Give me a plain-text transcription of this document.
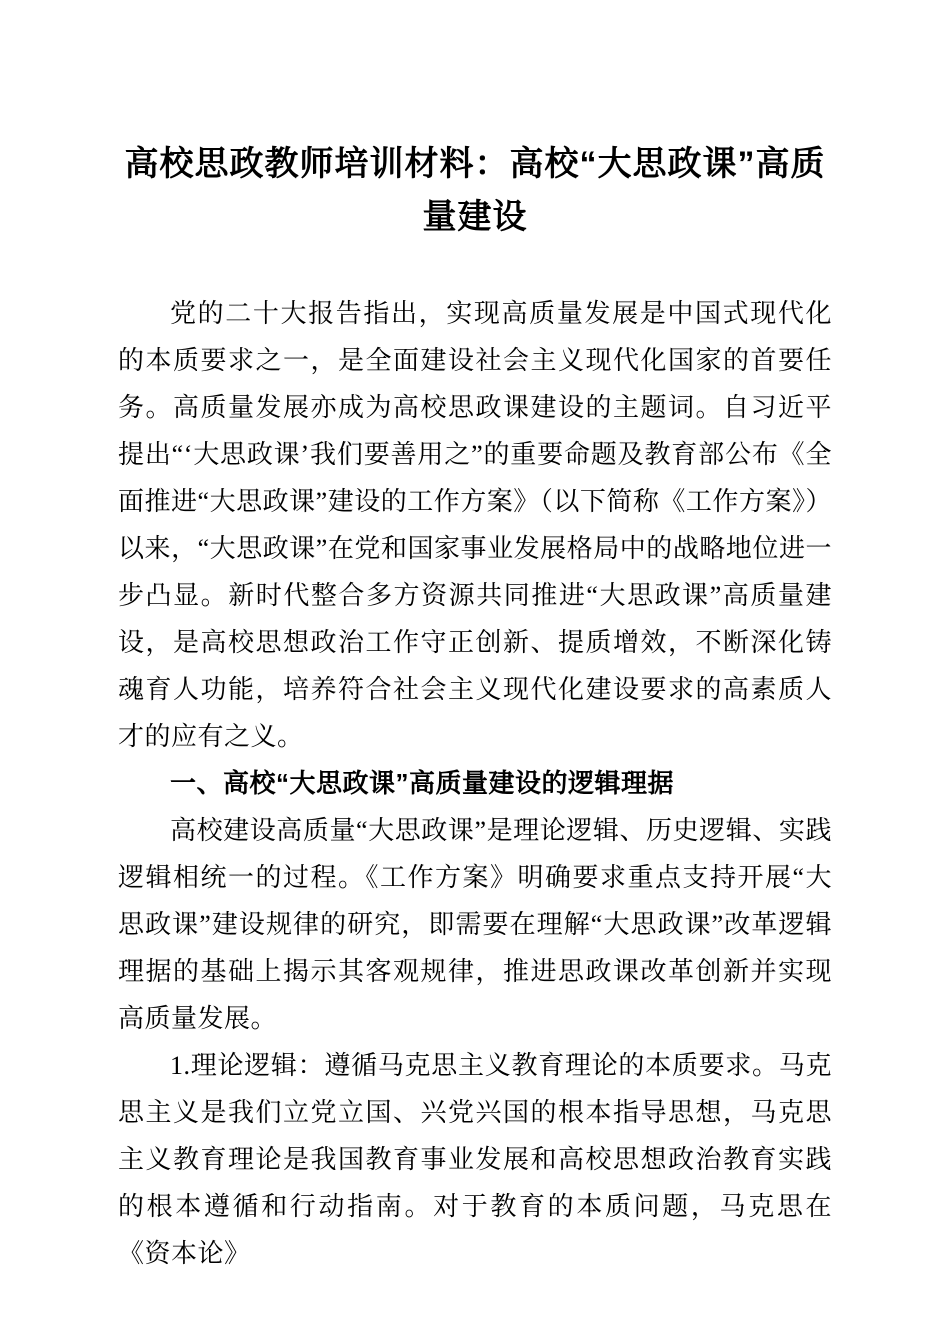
高校思政教师培训材料：高校“大思政课”高质量建设

党的二十大报告指出，实现高质量发展是中国式现代化的本质要求之一，是全面建设社会主义现代化国家的首要任务。高质量发展亦成为高校思政课建设的主题词。自习近平提出“‘大思政课’我们要善用之”的重要命题及教育部公布《全面推进“大思政课”建设的工作方案》（以下简称《工作方案》）以来，“大思政课”在党和国家事业发展格局中的战略地位进一步凸显。新时代整合多方资源共同推进“大思政课”高质量建设，是高校思想政治工作守正创新、提质增效，不断深化铸魂育人功能，培养符合社会主义现代化建设要求的高素质人才的应有之义。

一、高校“大思政课”高质量建设的逻辑理据

高校建设高质量“大思政课”是理论逻辑、历史逻辑、实践逻辑相统一的过程。《工作方案》明确要求重点支持开展“大思政课”建设规律的研究，即需要在理解“大思政课”改革逻辑理据的基础上揭示其客观规律，推进思政课改革创新并实现高质量发展。

1.理论逻辑：遵循马克思主义教育理论的本质要求。马克思主义是我们立党立国、兴党兴国的根本指导思想，马克思主义教育理论是我国教育事业发展和高校思想政治教育实践的根本遵循和行动指南。对于教育的本质问题，马克思在《资本论》
